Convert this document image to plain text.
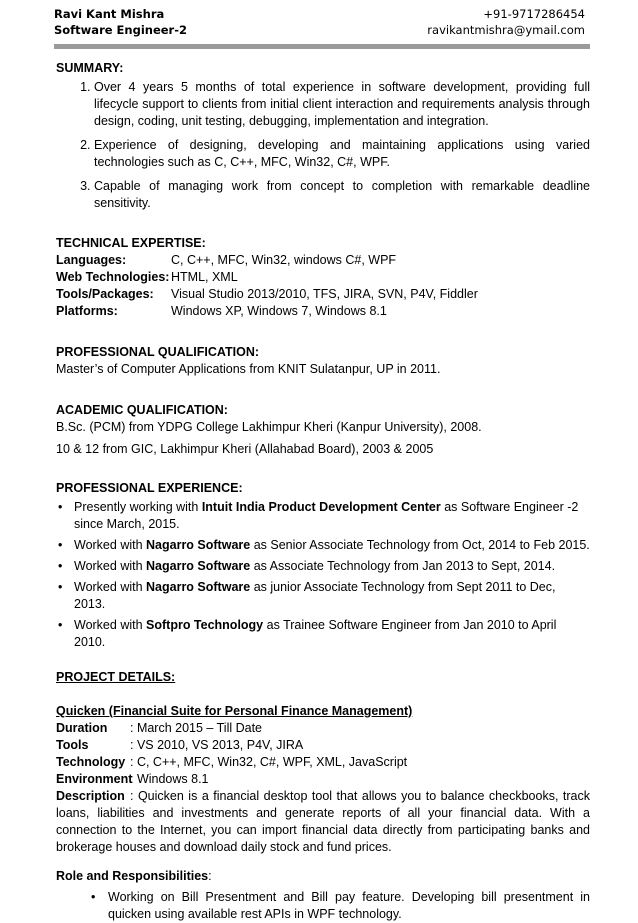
Ravi Kant Mishra
Software Engineer-2
+91-9717286454
ravikantmishra@ymail.com
SUMMARY:
1. Over 4 years 5 months of total experience in software development, providing full lifecycle support to clients from initial client interaction and requirements analysis through design, coding, unit testing, debugging, implementation and integration.
2. Experience of designing, developing and maintaining applications using varied technologies such as C, C++, MFC, Win32, C#, WPF.
3. Capable of managing work from concept to completion with remarkable deadline sensitivity.
TECHNICAL EXPERTISE:
Languages:	C, C++, MFC, Win32, windows C#, WPF
Web Technologies: HTML, XML
Tools/Packages:	Visual Studio 2013/2010, TFS, JIRA, SVN, P4V, Fiddler
Platforms:	Windows XP, Windows 7, Windows 8.1
PROFESSIONAL QUALIFICATION:
Master’s of Computer Applications from KNIT Sulatanpur, UP in 2011.
ACADEMIC QUALIFICATION:
B.Sc. (PCM) from YDPG College Lakhimpur Kheri (Kanpur University), 2008.
10 & 12 from GIC, Lakhimpur Kheri (Allahabad Board), 2003 & 2005
PROFESSIONAL EXPERIENCE:
• Presently working with Intuit India Product Development Center as Software Engineer -2 since March, 2015.
• Worked with Nagarro Software as Senior Associate Technology from Oct, 2014 to Feb 2015.
• Worked with Nagarro Software as Associate Technology from Jan 2013 to Sept, 2014.
• Worked with Nagarro Software as junior Associate Technology from Sept 2011 to Dec, 2013.
• Worked with Softpro Technology as Trainee Software Engineer from Jan 2010 to April 2010.
PROJECT DETAILS:
Quicken (Financial Suite for Personal Finance Management)
Duration : March 2015 – Till Date
Tools	: VS 2010, VS 2013, P4V, JIRA
Technology : C, C++, MFC, Win32, C#, WPF, XML, JavaScript
Environment: Windows 8.1
Description : Quicken is a financial desktop tool that allows you to balance checkbooks, track loans, liabilities and investments and generate reports of all your financial data. With a connection to the Internet, you can import financial data directly from participating banks and brokerage houses and download daily stock and fund prices.
Role and Responsibilities:
• Working on Bill Presentment and Bill pay feature. Developing bill presentment in quicken using available rest APIs in WPF technology.
